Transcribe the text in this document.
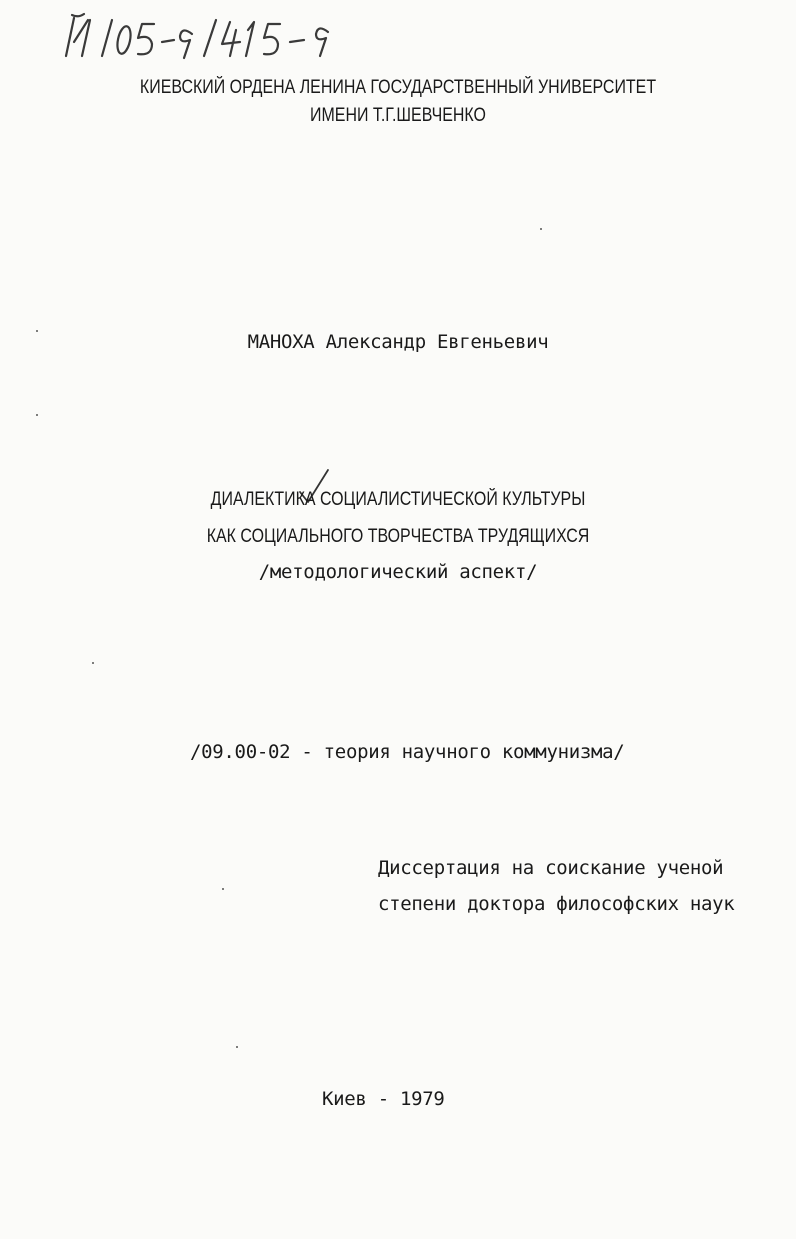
КИЕВСКИЙ ОРДЕНА ЛЕНИНА ГОСУДАРСТВЕННЫЙ УНИВЕРСИТЕТ
ИМЕНИ Т.Г.ШЕВЧЕНКО
МАНОХА Александр Евгеньевич
ДИАЛЕКТИКА СОЦИАЛИСТИЧЕСКОЙ КУЛЬТУРЫ
КАК СОЦИАЛЬНОГО ТВОРЧЕСТВА ТРУДЯЩИХСЯ
/методологический аспект/
/09.00-02 - теория научного коммунизма/
Диссертация на соискание ученой
степени доктора философских наук
Киев - 1979
